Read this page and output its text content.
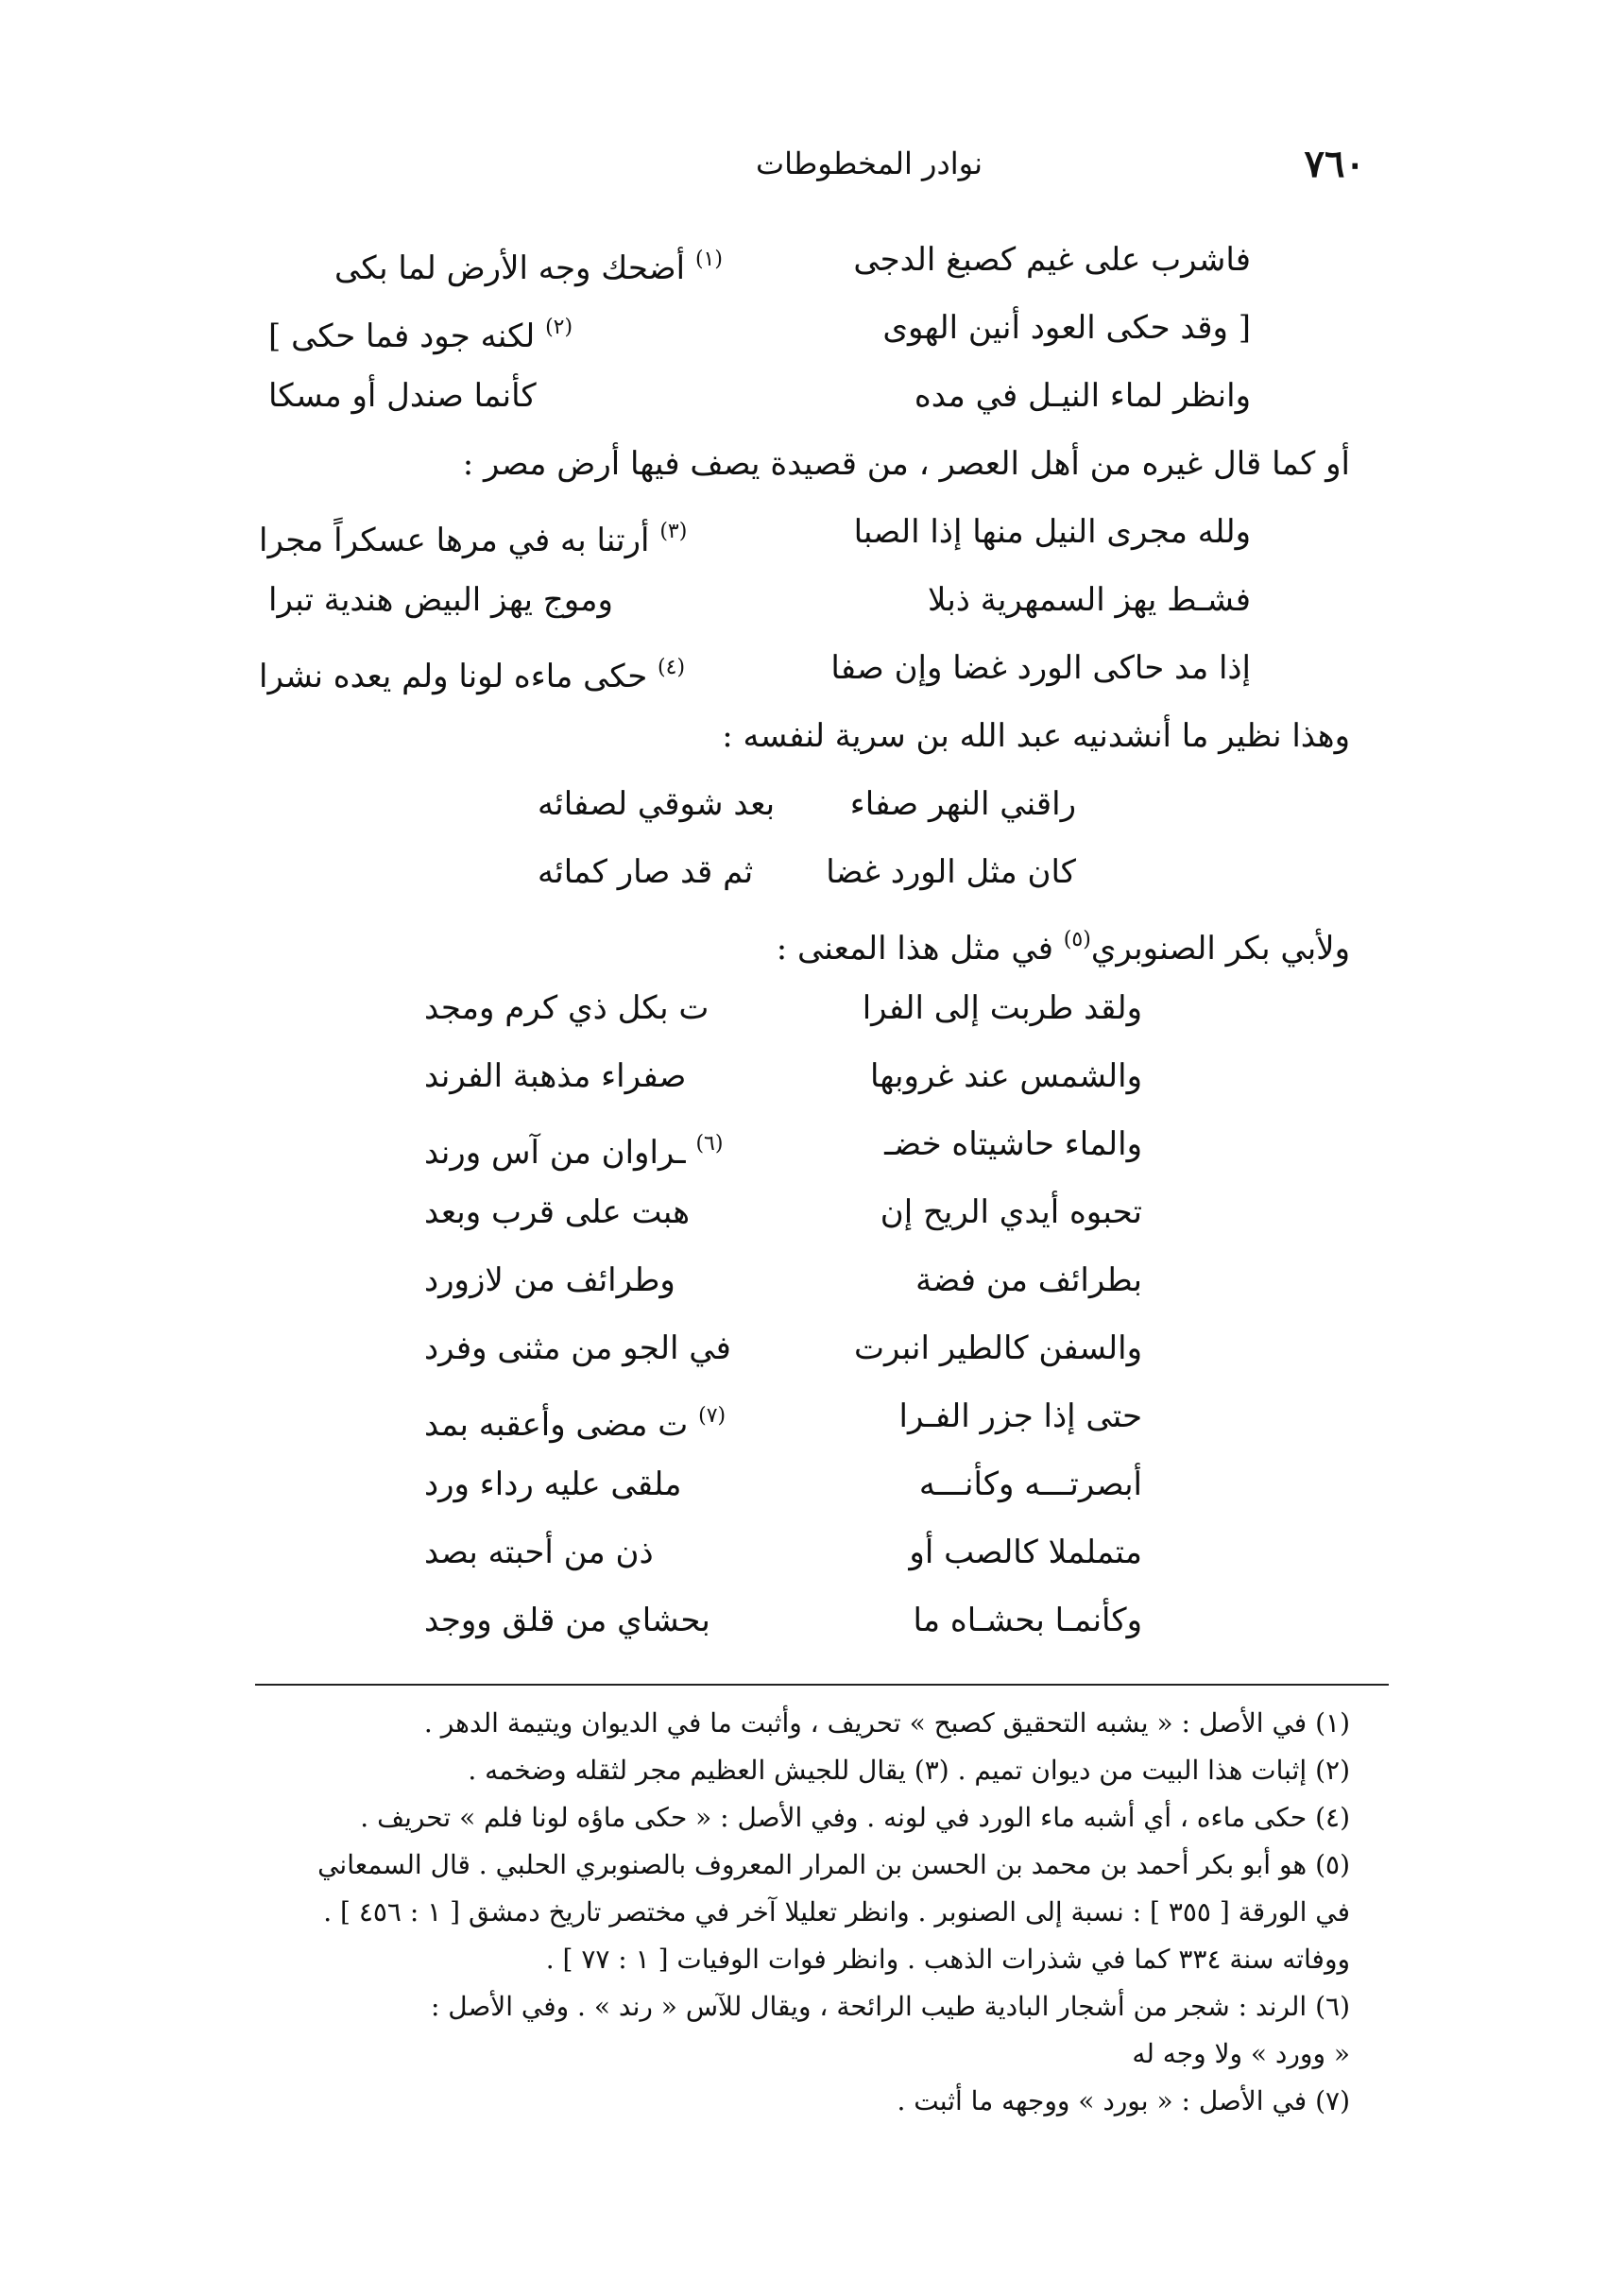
٧٦٠
نوادر المخطوطات
فاشرب على غيم كصبغ الدجى
$^{(١)}$ أضحك وجه الأرض لما بكى
[ وقد حكى العود أنين الهوى
$^{(٢)}$ لكنه جود فما حكى ]
وانظر لماء النيـل في مده
كأنما صندل أو مسكا
أو كما قال غيره من أهل العصر ، من قصيدة يصف فيها أرض مصر :
ولله مجرى النيل منها إذا الصبا
$^{(٣)}$ أرتنا به في مرها عسكراً مجرا
فشـط يهز السمهرية ذبلا
وموج يهز البيض هندية تبرا
إذا مد حاكى الورد غضا وإن صفا
$^{(٤)}$ حكى ماءه لونا ولم يعده نشرا
وهذا نظير ما أنشدنيه عبد الله بن سرية لنفسه :
راقني النهر صفاء
بعد شوقي لصفائه
كان مثل الورد غضا
ثم قد صار كمائه
ولأبي بكر الصنوبري$^{(٥)}$ في مثل هذا المعنى :
ولقد طربت إلى الفرا
ت بكل ذي كرم ومجد
والشمس عند غروبها
صفراء مذهبة الفرند
والماء حاشيتاه خضـ
$^{(٦)}$ ـراوان من آس ورند
تحبوه أيدي الريح إن
هبت على قرب وبعد
بطرائف من فضة
وطرائف من لازورد
والسفن كالطير انبرت
في الجو من مثنى وفرد
حتى إذا جزر الفـرا
$^{(٧)}$ ت مضى وأعقبه بمد
أبصرتـــه وكأنـــه
ملقى عليه رداء ورد
متململا كالصب أو
ذن من أحبته بصد
وكأنمـا بحشـاه ما
بحشاي من قلق ووجد
(١) في الأصل : « يشبه التحقيق كصبح » تحريف ، وأثبت ما في الديوان ويتيمة الدهر .
(٢) إثبات هذا البيت من ديوان تميم . (٣) يقال للجيش العظيم مجر لثقله وضخمه .
(٤) حكى ماءه ، أي أشبه ماء الورد في لونه . وفي الأصل : « حكى ماؤه لونا فلم » تحريف .
(٥) هو أبو بكر أحمد بن محمد بن الحسن بن المرار المعروف بالصنوبري الحلبي . قال السمعاني
في الورقة [ ٣٥٥ ] : نسبة إلى الصنوبر . وانظر تعليلا آخر في مختصر تاريخ دمشق [ ١ : ٤٥٦ ] .
ووفاته سنة ٣٣٤ كما في شذرات الذهب . وانظر فوات الوفيات [ ١ : ٧٧ ] .
(٦) الرند : شجر من أشجار البادية طيب الرائحة ، ويقال للآس « رند » . وفي الأصل :
« وورد » ولا وجه له
(٧) في الأصل : « بورد » ووجهه ما أثبت .
